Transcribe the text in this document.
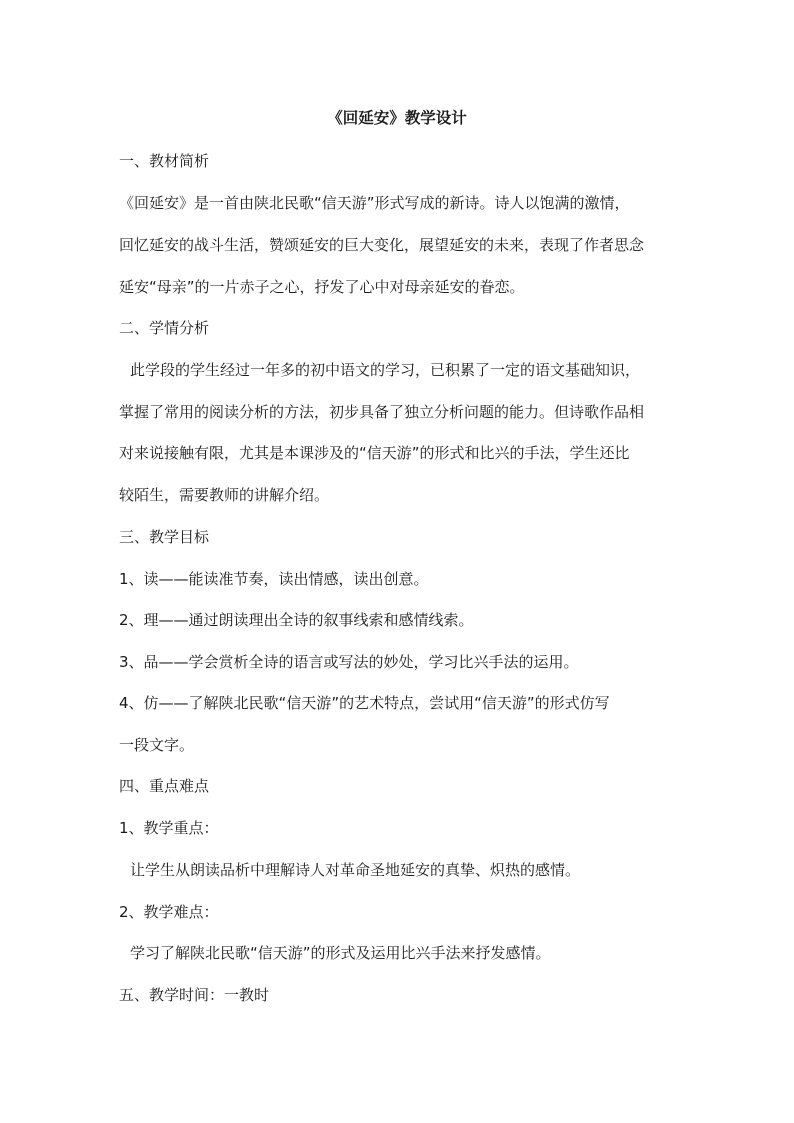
《回延安》教学设计
一、教材简析
《回延安》是一首由陕北民歌“信天游”形式写成的新诗。诗人以饱满的激情，
回忆延安的战斗生活，赞颂延安的巨大变化，展望延安的未来，表现了作者思念
延安“母亲”的一片赤子之心，抒发了心中对母亲延安的眷恋。
二、学情分析
此学段的学生经过一年多的初中语文的学习，已积累了一定的语文基础知识，
掌握了常用的阅读分析的方法，初步具备了独立分析问题的能力。但诗歌作品相
对来说接触有限，尤其是本课涉及的“信天游”的形式和比兴的手法，学生还比
较陌生，需要教师的讲解介绍。
三、教学目标
1、读——能读准节奏，读出情感，读出创意。
2、理——通过朗读理出全诗的叙事线索和感情线索。
3、品——学会赏析全诗的语言或写法的妙处，学习比兴手法的运用。
4、仿——了解陕北民歌“信天游”的艺术特点，尝试用“信天游”的形式仿写
一段文字。
四、重点难点
1、教学重点：
让学生从朗读品析中理解诗人对革命圣地延安的真挚、炽热的感情。
2、教学难点：
学习了解陕北民歌“信天游”的形式及运用比兴手法来抒发感情。
五、教学时间：一教时
